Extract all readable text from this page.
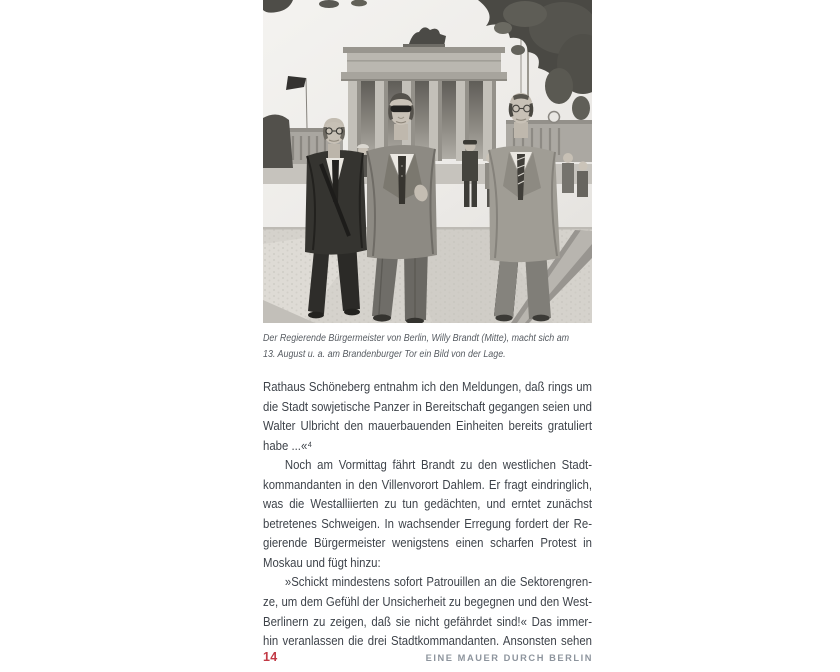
Der Regierende Bürgermeister von Berlin, Willy Brandt (Mitte), macht sich am
13. August u. a. am Brandenburger Tor ein Bild von der Lage.
Rathaus Schöneberg entnahm ich den Meldungen, daß rings um
die Stadt sowjetische Panzer in Bereitschaft gegangen seien und
Walter Ulbricht den mauerbauenden Einheiten bereits gratuliert
habe ...«⁴
Noch am Vormittag fährt Brandt zu den westlichen Stadt-
kommandanten in den Villenvorort Dahlem. Er fragt eindringlich,
was die Westalliierten zu tun gedächten, und erntet zunächst
betretenes Schweigen. In wachsender Erregung fordert der Re-
gierende Bürgermeister wenigstens einen scharfen Protest in
Moskau und fügt hinzu:
»Schickt mindestens sofort Patrouillen an die Sektorengren-
ze, um dem Gefühl der Unsicherheit zu begegnen und den West-
Berlinern zu zeigen, daß sie nicht gefährdet sind!« Das immer-
hin veranlassen die drei Stadtkommandanten. Ansonsten sehen
14	EINE MAUER DURCH BERLIN
